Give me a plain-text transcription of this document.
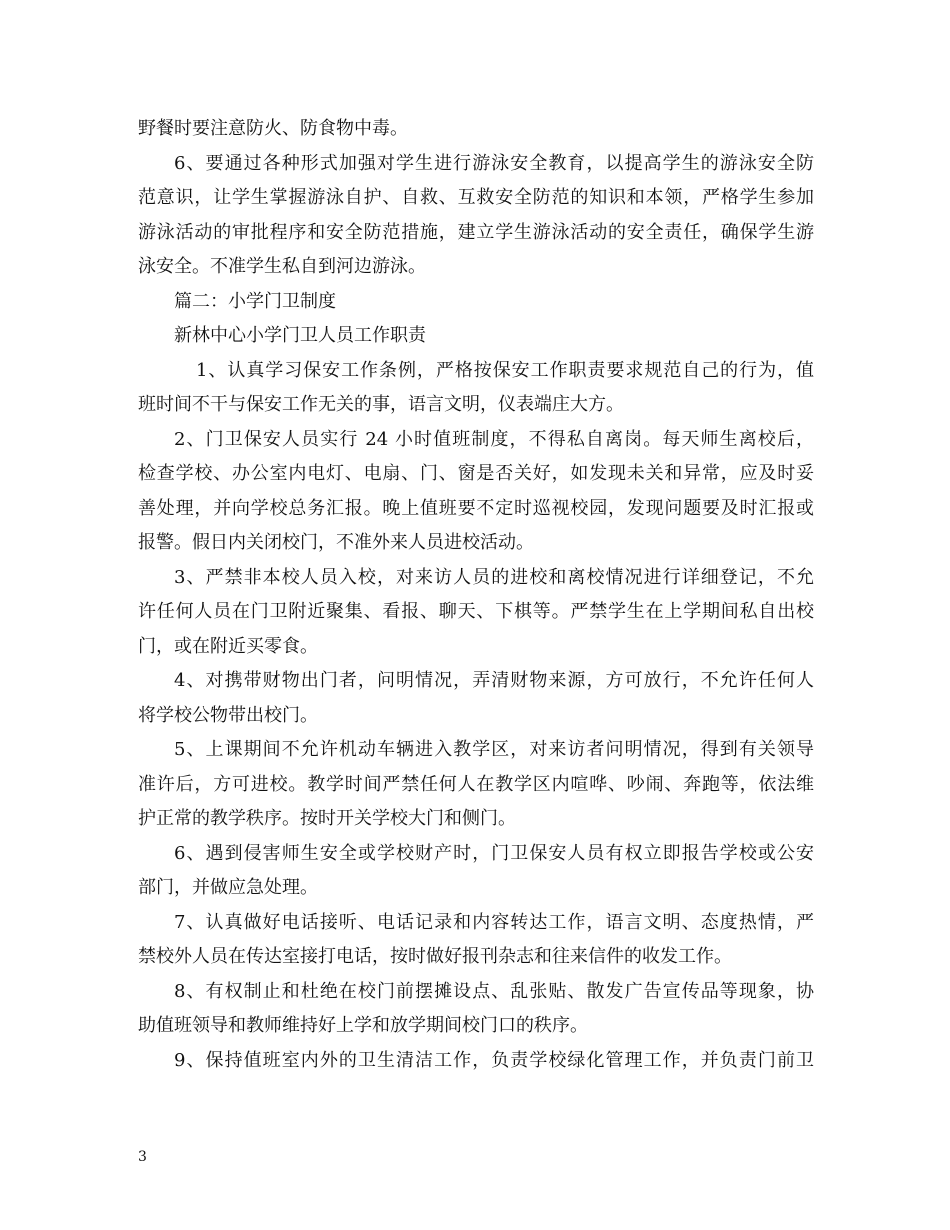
野餐时要注意防火、防食物中毒。
6、要通过各种形式加强对学生进行游泳安全教育，以提高学生的游泳安全防
范意识，让学生掌握游泳自护、自救、互救安全防范的知识和本领，严格学生参加
游泳活动的审批程序和安全防范措施，建立学生游泳活动的安全责任，确保学生游
泳安全。不准学生私自到河边游泳。
篇二：小学门卫制度
新林中心小学门卫人员工作职责
1、认真学习保安工作条例，严格按保安工作职责要求规范自己的行为，值
班时间不干与保安工作无关的事，语言文明，仪表端庄大方。
2、门卫保安人员实行 24 小时值班制度，不得私自离岗。每天师生离校后，
检查学校、办公室内电灯、电扇、门、窗是否关好，如发现未关和异常，应及时妥
善处理，并向学校总务汇报。晚上值班要不定时巡视校园，发现问题要及时汇报或
报警。假日内关闭校门，不准外来人员进校活动。
3、严禁非本校人员入校，对来访人员的进校和离校情况进行详细登记，不允
许任何人员在门卫附近聚集、看报、聊天、下棋等。严禁学生在上学期间私自出校
门，或在附近买零食。
4、对携带财物出门者，问明情况，弄清财物来源，方可放行，不允许任何人
将学校公物带出校门。
5、上课期间不允许机动车辆进入教学区，对来访者问明情况，得到有关领导
准许后，方可进校。教学时间严禁任何人在教学区内喧哗、吵闹、奔跑等，依法维
护正常的教学秩序。按时开关学校大门和侧门。
6、遇到侵害师生安全或学校财产时，门卫保安人员有权立即报告学校或公安
部门，并做应急处理。
7、认真做好电话接听、电话记录和内容转达工作，语言文明、态度热情，严
禁校外人员在传达室接打电话，按时做好报刊杂志和往来信件的收发工作。
8、有权制止和杜绝在校门前摆摊设点、乱张贴、散发广告宣传品等现象，协
助值班领导和教师维持好上学和放学期间校门口的秩序。
9、保持值班室内外的卫生清洁工作，负责学校绿化管理工作，并负责门前卫
3
